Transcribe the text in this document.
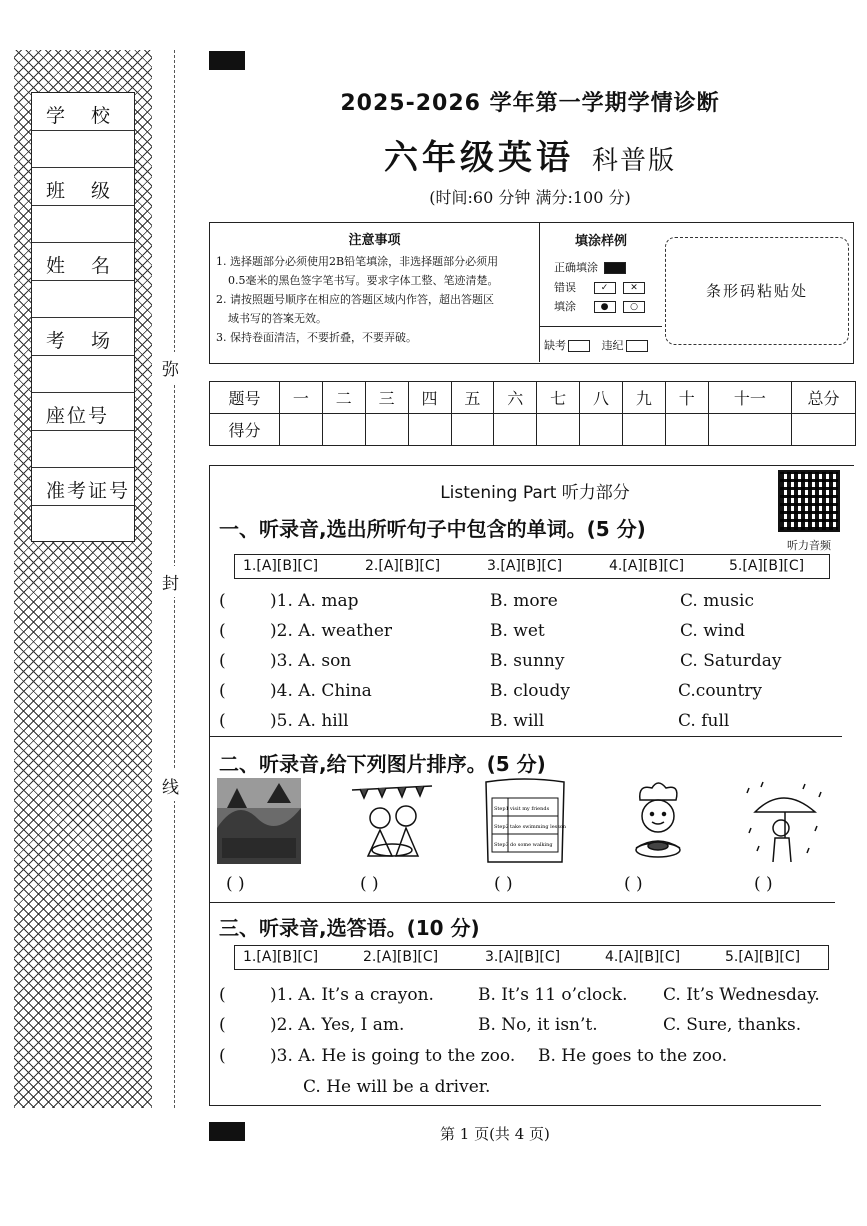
学 校
班 级
姓 名
考 场
座位号
准考证号
弥
封
线
2025-2026 学年第一学期学情诊断
六年级英语 科普版
(时间:60 分钟 满分:100 分)
注意事项
1. 选择题部分必须使用2B铅笔填涂，非选择题部分必须用
0.5毫米的黑色签字笔书写。要求字体工整、笔迹清楚。
2. 请按照题号顺序在相应的答题区域内作答，超出答题区
域书写的答案无效。
3. 保持卷面清洁，不要折叠，不要弄破。
填涂样例
正确填涂
错误	✓ ✕
填涂	● ○
缺考	违纪
条形码粘贴处
题号	一	二	三	四	五	六	七	八	九	十	十一	总分
得分												
Listening Part 听力部分
听力音频
一、听录音,选出所听句子中包含的单词。(5 分)
1.[A][B][C]	2.[A][B][C]	3.[A][B][C]	4.[A][B][C]	5.[A][B][C]
(	)1. A. map	B. more	C. music
(	)2. A. weather	B. wet	C. wind
(	)3. A. son	B. sunny	C. Saturday
(	)4. A. China	B. cloudy	C.country
(	)5. A. hill	B. will	C. full
二、听录音,给下列图片排序。(5 分)
Step1 visit my friends
Step2 take swimming lessons
Step3 do some walking
( )	( )	( )	( )	( )
三、听录音,选答语。(10 分)
1.[A][B][C]	2.[A][B][C]	3.[A][B][C]	4.[A][B][C]	5.[A][B][C]
(	)1. A. It’s a crayon.	B. It’s 11 o’clock. C. It’s Wednesday.
(	)2. A. Yes, I am.	B. No, it isn’t.	C. Sure, thanks.
(	)3. A. He is going to the zoo. B. He goes to the zoo.
C. He will be a driver.
第 1 页(共 4 页)
